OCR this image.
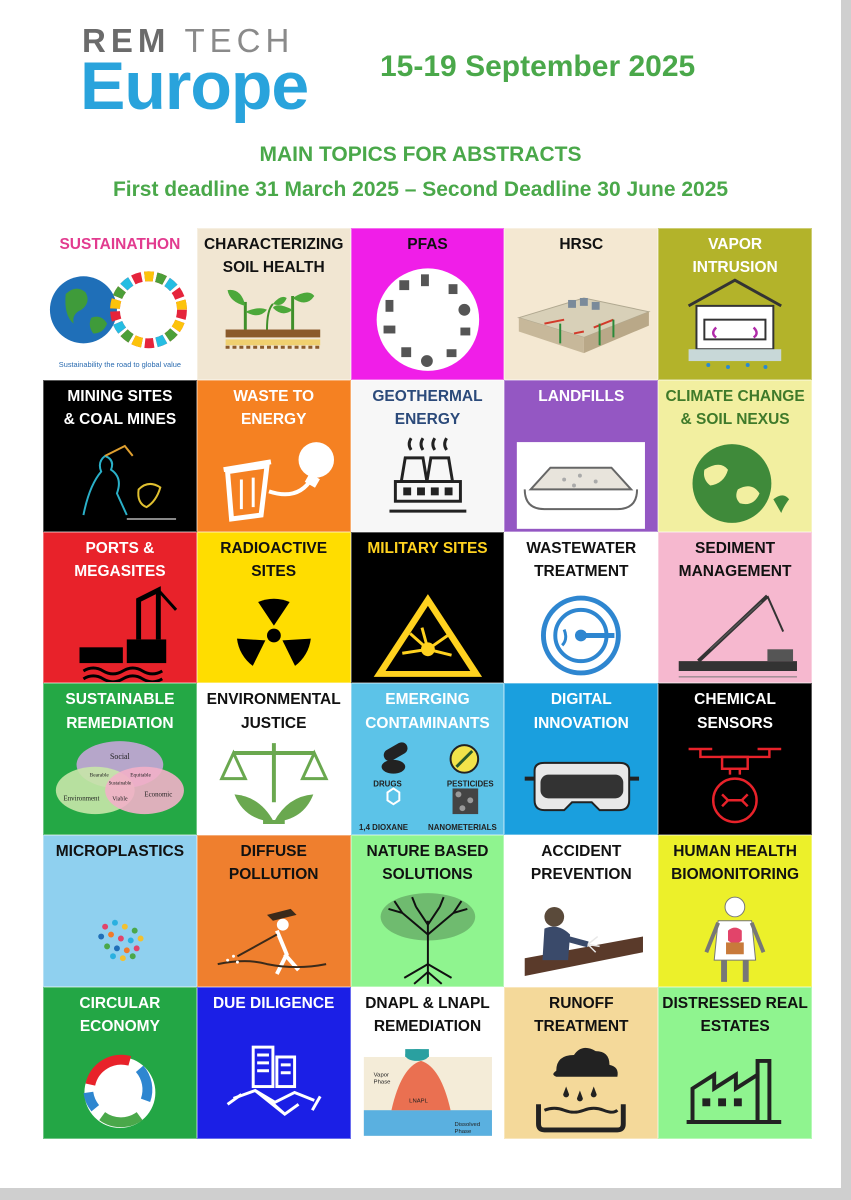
REM TECH
Europe 15-19 September 2025
MAIN TOPICS FOR ABSTRACTS
First deadline 31 March 2025 – Second Deadline 30 June 2025
Sustainability the road to global value
SUSTAINATHON	CHARACTERIZING
SOIL HEALTH
PFAS	HRSC	VAPOR
INTRUSION
MINING SITES
& COAL MINES
WASTE TO
ENERGY
GEOTHERMAL
ENERGY
LANDFILLS	CLIMATE CHANGE
& SOIL NEXUS
PORTS &
MEGASITES
RADIOACTIVE
SITES
MILITARY SITES	WASTEWATER
TREATMENT
SEDIMENT
MANAGEMENT
Social
Bearable	Equitable
Sustainable
Environment Viable
Economic
SUSTAINABLE
REMEDIATION
ENVIRONMENTAL
JUSTICE
DRUGS	PESTICIDES
1,4 DIOXANE NANOMETERIALS
EMERGING
CONTAMINANTS
DIGITAL
INNOVATION
CHEMICAL
SENSORS
MICROPLASTICS	DIFFUSE
POLLUTION
NATURE BASED
SOLUTIONS
ACCIDENT
PREVENTION
HUMAN HEALTH
BIOMONITORING
CIRCULAR
ECONOMY
DUE DILIGENCE
Vapor Phase
LNAPL
Dissolved Phase
DNAPL & LNAPL
REMEDIATION
RUNOFF
TREATMENT
DISTRESSED REAL
ESTATES
